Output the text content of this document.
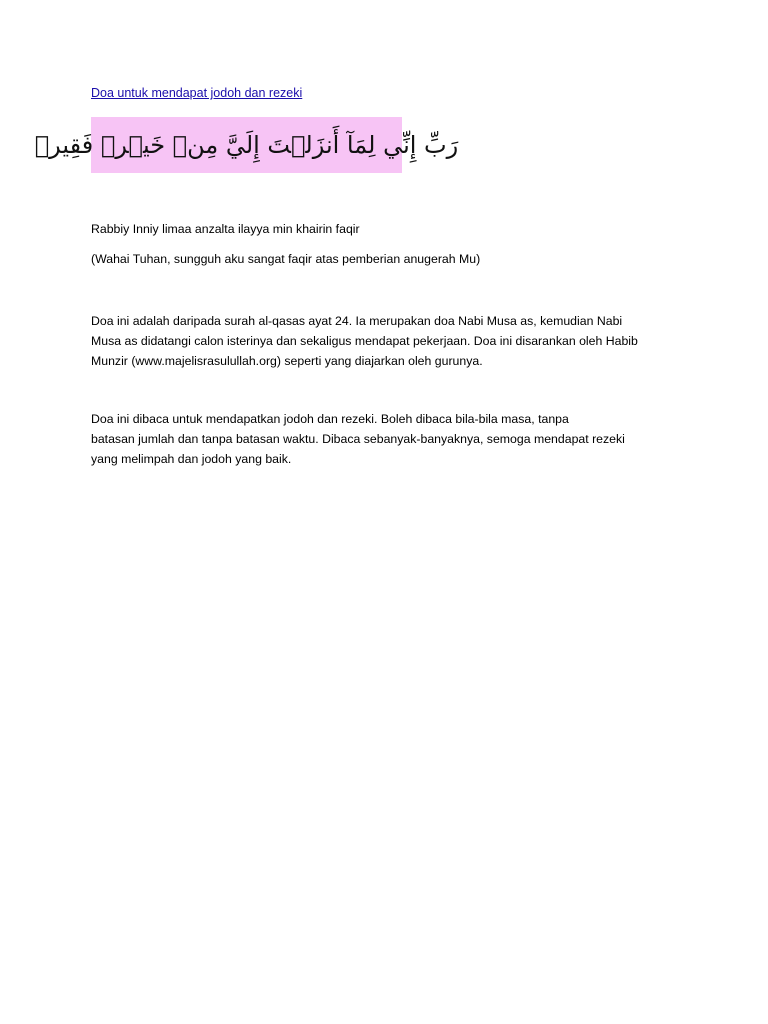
Doa untuk mendapat jodoh dan rezeki
رَبِّ إِنِّي لِمَآ أَنزَلۡتَ إِلَيَّ مِنۡ خَيۡرٖ فَقِيرٞ

Rabbiy Inniy limaa anzalta ilayya min khairin faqir

(Wahai Tuhan, sungguh aku sangat faqir atas pemberian anugerah Mu)

Doa ini adalah daripada surah al-qasas ayat 24. Ia merupakan doa Nabi Musa as, kemudian Nabi
Musa as didatangi calon isterinya dan sekaligus mendapat pekerjaan. Doa ini disarankan oleh Habib
Munzir (www.majelisrasulullah.org) seperti yang diajarkan oleh gurunya.

Doa ini dibaca untuk mendapatkan jodoh dan rezeki. Boleh dibaca bila-bila masa, tanpa
batasan jumlah dan tanpa batasan waktu. Dibaca sebanyak-banyaknya, semoga mendapat rezeki
yang melimpah dan jodoh yang baik.
